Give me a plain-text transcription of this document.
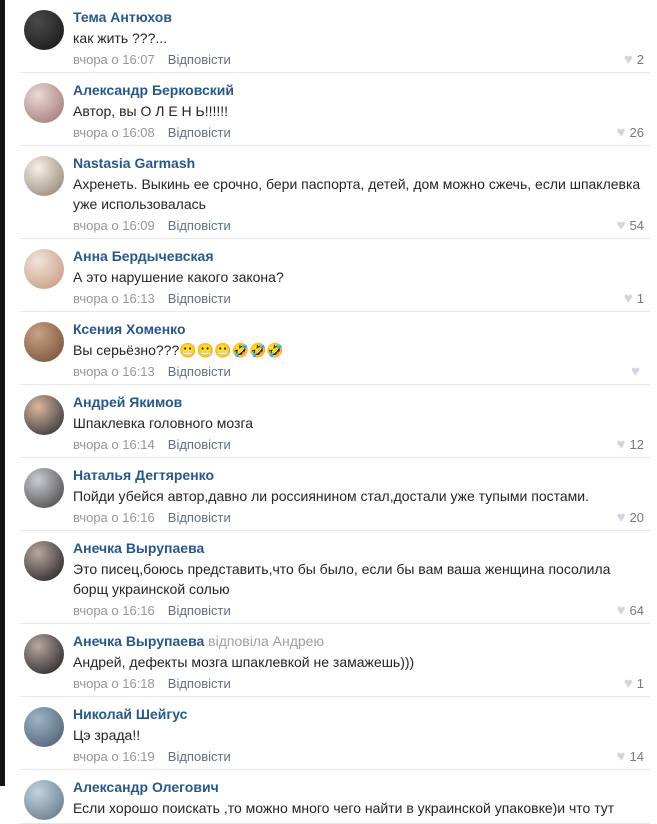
Тема Антюхов
как жить ???...
вчора о 16:07 Відповісти	♥ 2
Александр Берковский
Автор, вы О Л Е Н Ь!!!!!!
вчора о 16:08 Відповісти	♥ 26
Nastasia Garmash
Ахренеть. Выкинь ее срочно, бери паспорта, детей, дом можно сжечь, если шпаклевка уже использовалась
вчора о 16:09 Відповісти	♥ 54
Анна Бердычевская
А это нарушение какого закона?
вчора о 16:13 Відповісти	♥ 1
Ксения Хоменко
Вы серьёзно???😬😬😬🤣🤣🤣
вчора о 16:13 Відповісти	♥
Андрей Якимов
Шпаклевка головного мозга
вчора о 16:14 Відповісти	♥ 12
Наталья Дегтяренко
Пойди убейся автор,давно ли россиянином стал,достали уже тупыми постами.
вчора о 16:16 Відповісти	♥ 20
Анечка Вырупаева
Это писец,боюсь представить,что бы было, если бы вам ваша женщина посолила борщ украинской солью
вчора о 16:16 Відповісти	♥ 64
Анечка Вырупаева відповіла Андрею
Андрей, дефекты мозга шпаклевкой не замажешь)))
вчора о 16:18 Відповісти	♥ 1
Николай Шейгус
Цэ зрада!!
вчора о 16:19 Відповісти	♥ 14
Александр Олегович
Если хорошо поискать ,то можно много чего найти в украинской упаковке)и что тут
